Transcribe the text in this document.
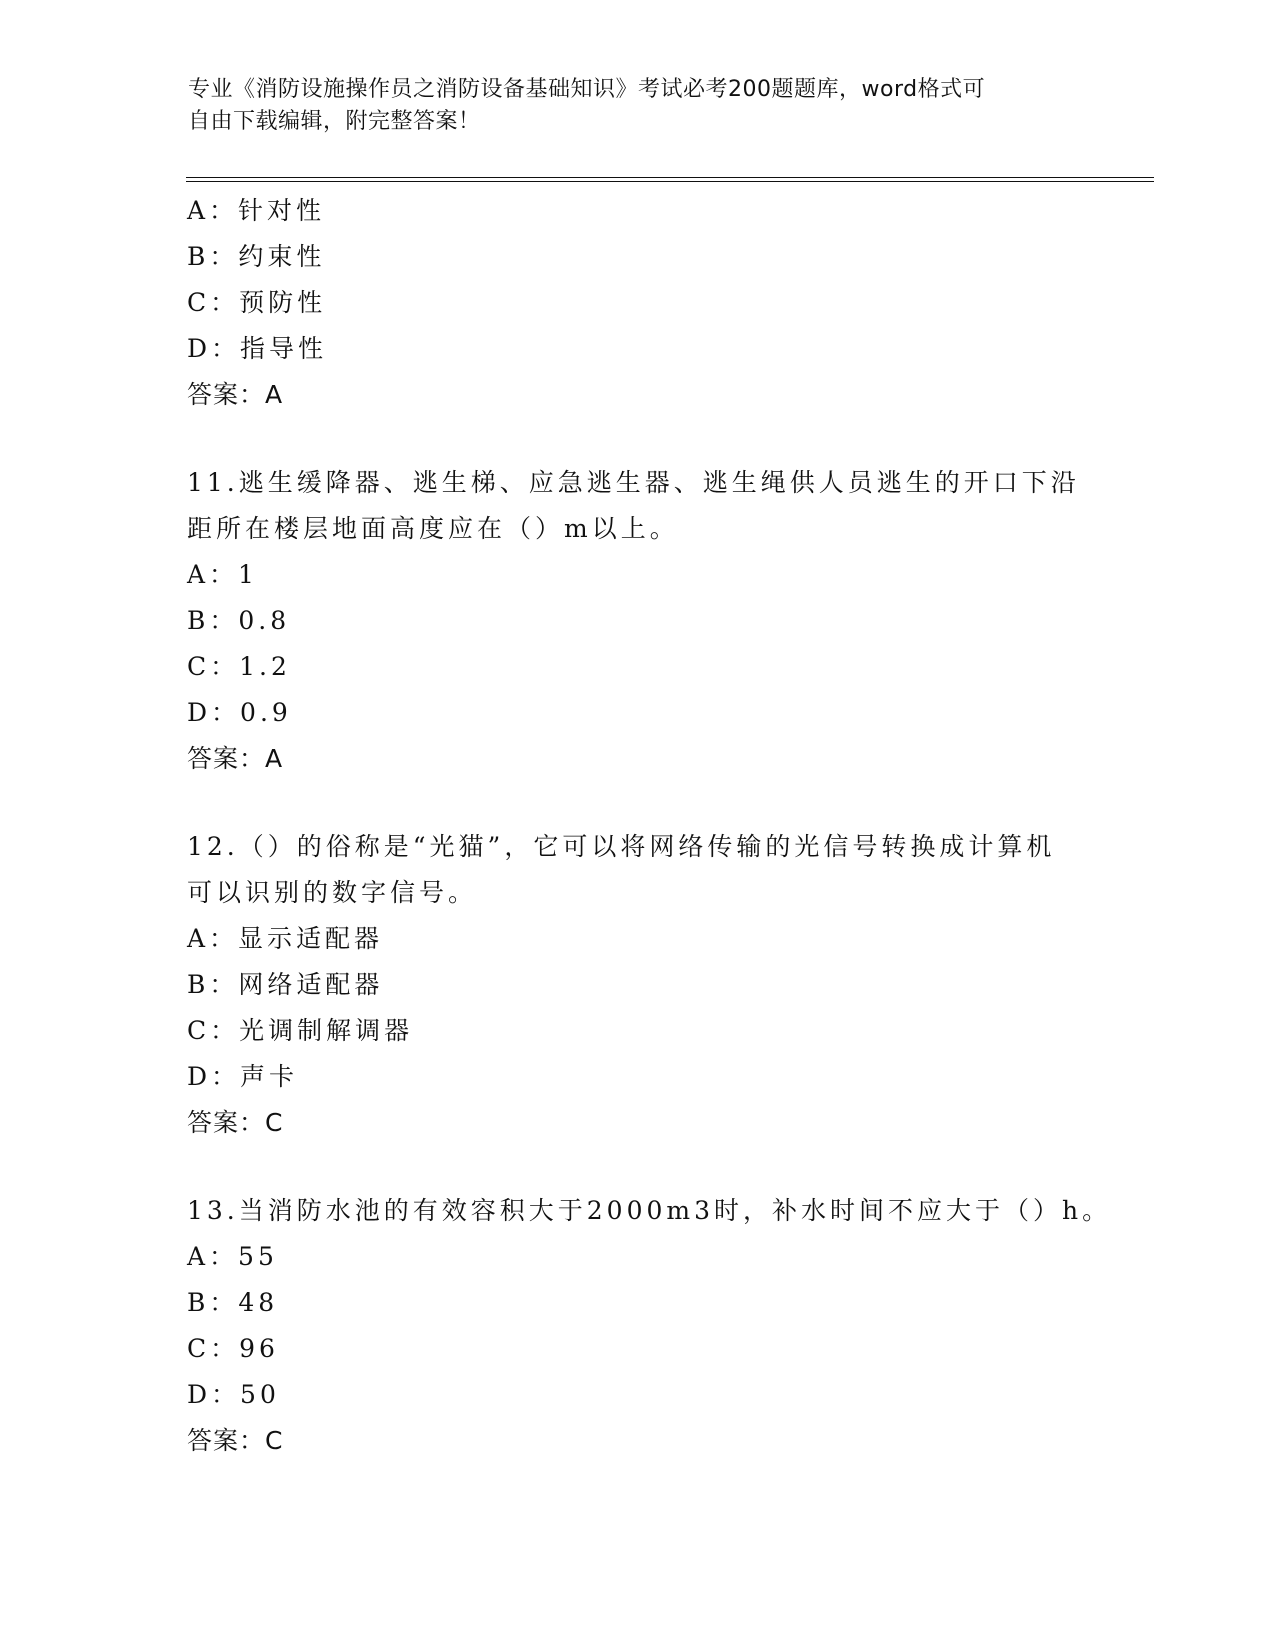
专业《消防设施操作员之消防设备基础知识》考试必考200题题库，word格式可
自由下载编辑，附完整答案！
A：针对性
B：约束性
C：预防性
D：指导性
答案：A
11.逃生缓降器、逃生梯、应急逃生器、逃生绳供人员逃生的开口下沿
距所在楼层地面高度应在（）m以上。
A：1
B：0.8
C：1.2
D：0.9
答案：A
12.（）的俗称是“光猫”，它可以将网络传输的光信号转换成计算机
可以识别的数字信号。
A：显示适配器
B：网络适配器
C：光调制解调器
D：声卡
答案：C
13.当消防水池的有效容积大于2000m3时，补水时间不应大于（）h。
A：55
B：48
C：96
D：50
答案：C
